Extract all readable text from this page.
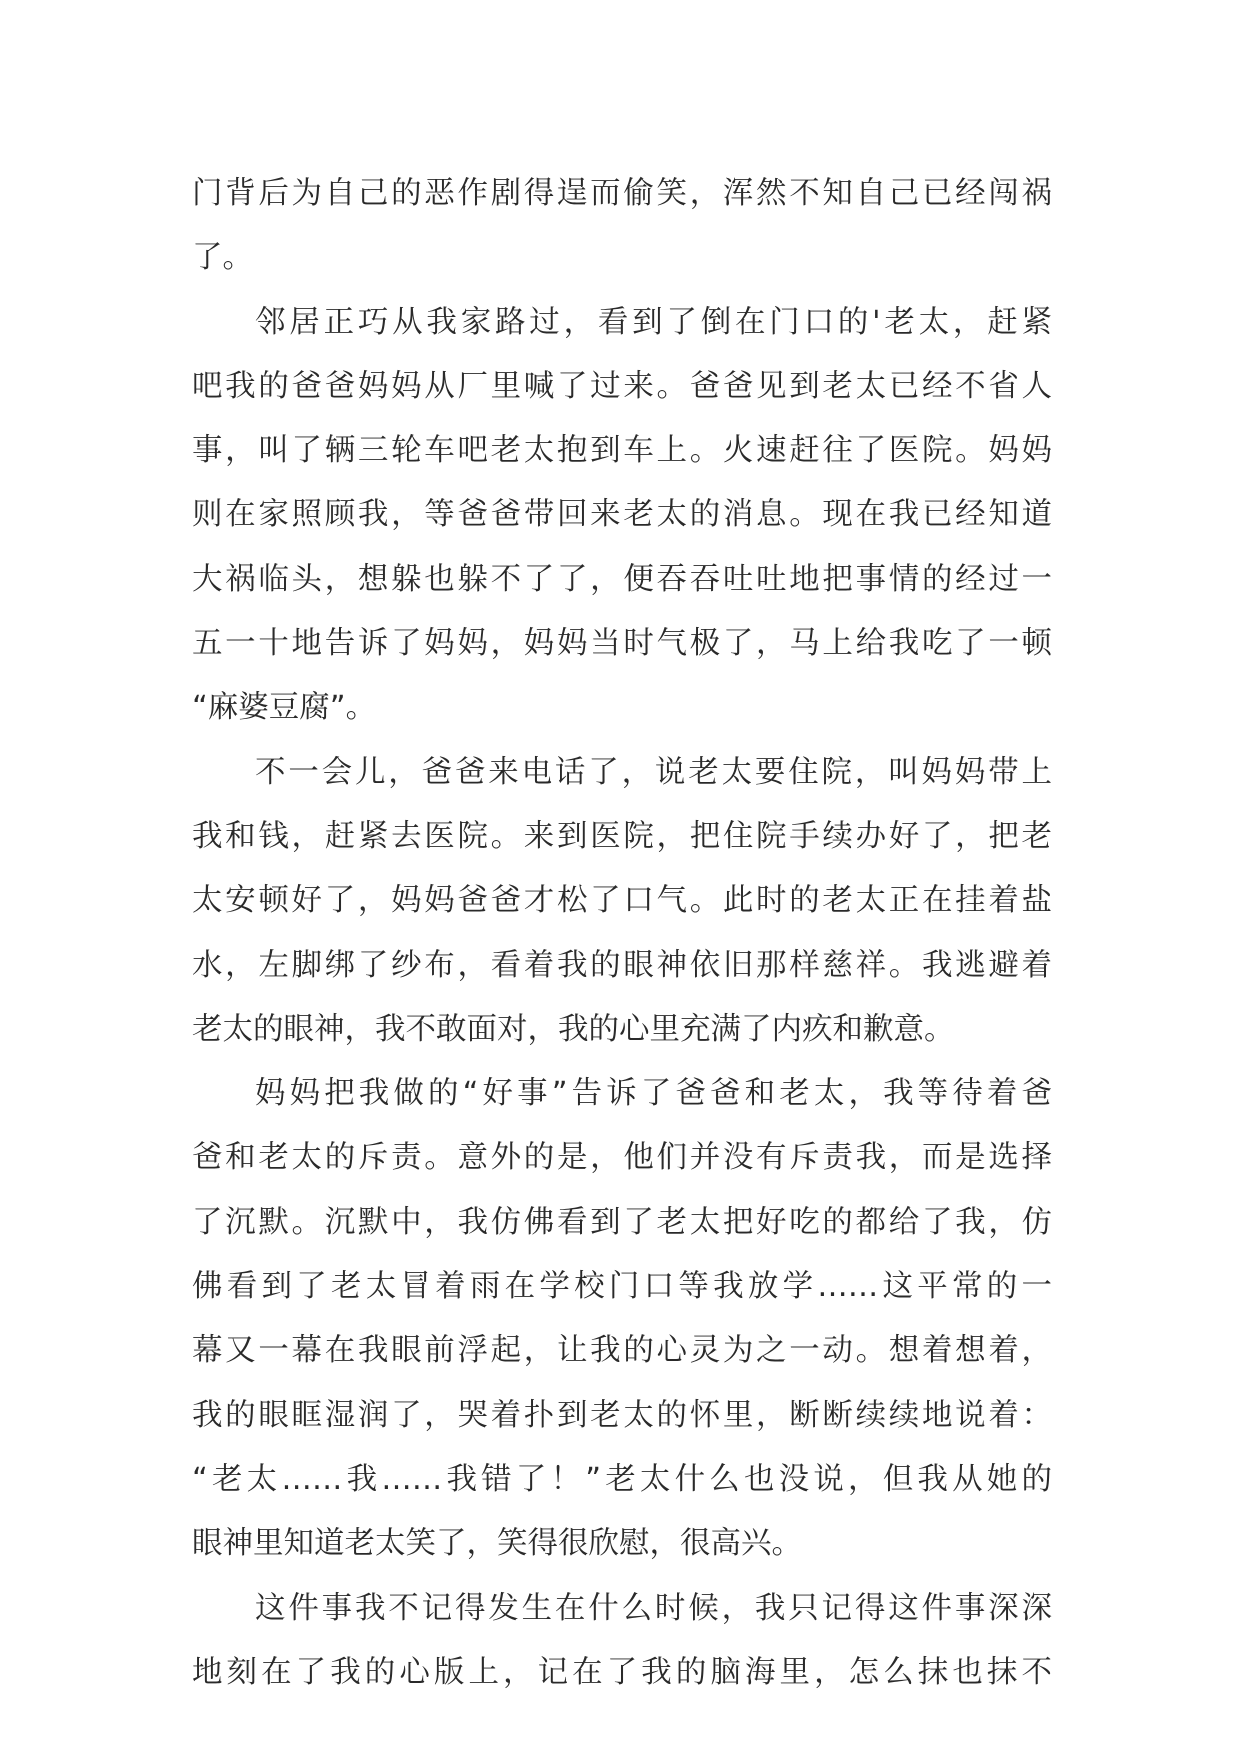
门背后为自己的恶作剧得逞而偷笑，浑然不知自己已经闯祸
了。
邻居正巧从我家路过，看到了倒在门口的'老太，赶紧
吧我的爸爸妈妈从厂里喊了过来。爸爸见到老太已经不省人
事，叫了辆三轮车吧老太抱到车上。火速赶往了医院。妈妈
则在家照顾我，等爸爸带回来老太的消息。现在我已经知道
大祸临头，想躲也躲不了了，便吞吞吐吐地把事情的经过一
五一十地告诉了妈妈，妈妈当时气极了，马上给我吃了一顿
“麻婆豆腐”。
不一会儿，爸爸来电话了，说老太要住院，叫妈妈带上
我和钱，赶紧去医院。来到医院，把住院手续办好了，把老
太安顿好了，妈妈爸爸才松了口气。此时的老太正在挂着盐
水，左脚绑了纱布，看着我的眼神依旧那样慈祥。我逃避着
老太的眼神，我不敢面对，我的心里充满了内疚和歉意。
妈妈把我做的“好事”告诉了爸爸和老太，我等待着爸
爸和老太的斥责。意外的是，他们并没有斥责我，而是选择
了沉默。沉默中，我仿佛看到了老太把好吃的都给了我，仿
佛看到了老太冒着雨在学校门口等我放学……这平常的一
幕又一幕在我眼前浮起，让我的心灵为之一动。想着想着，
我的眼眶湿润了，哭着扑到老太的怀里，断断续续地说着：
“老太……我……我错了！”老太什么也没说，但我从她的
眼神里知道老太笑了，笑得很欣慰，很高兴。
这件事我不记得发生在什么时候，我只记得这件事深深
地刻在了我的心版上，记在了我的脑海里，怎么抹也抹不
